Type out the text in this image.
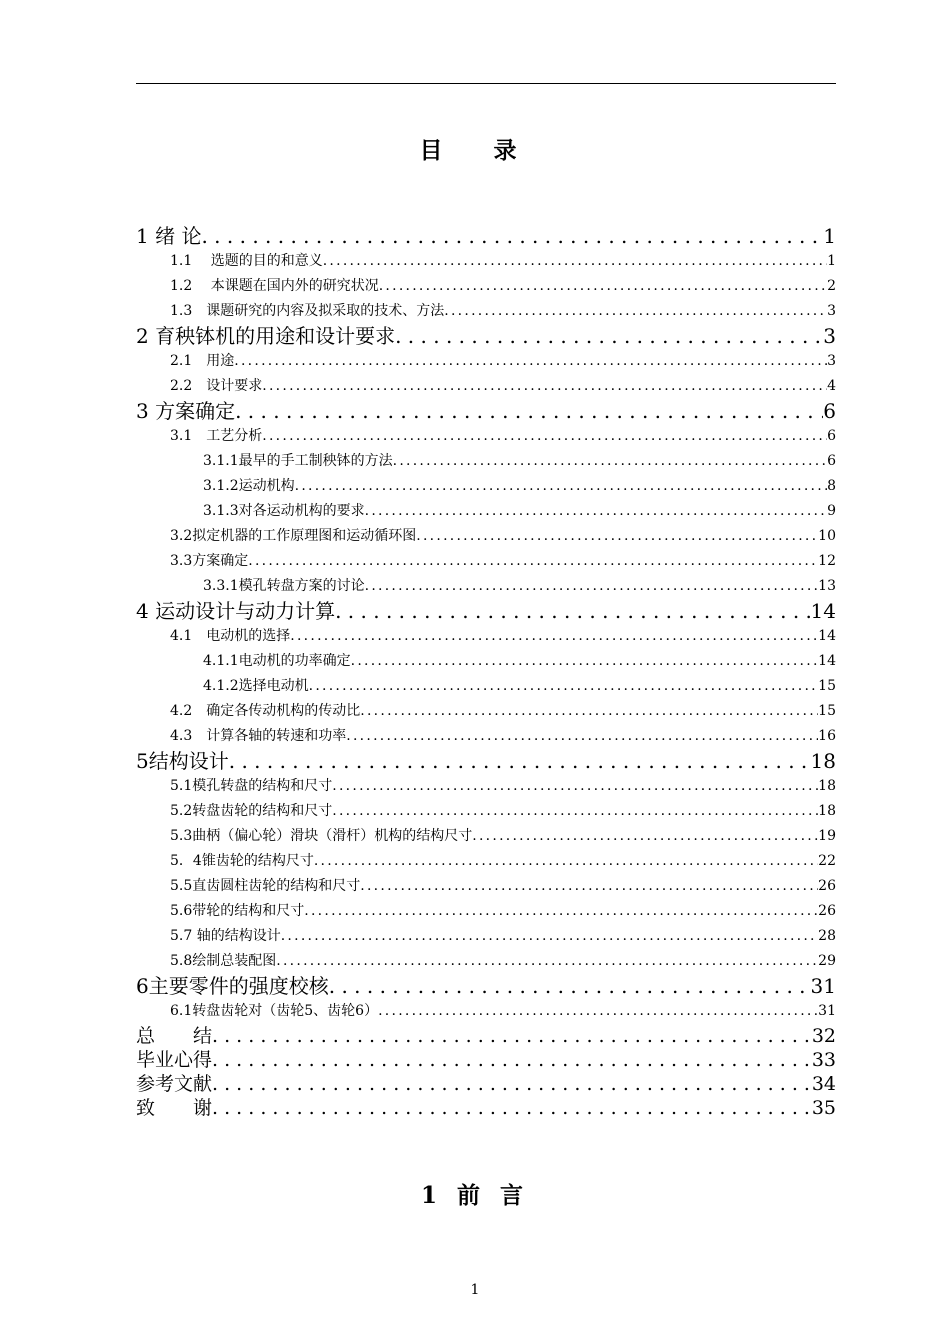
目　录
1 绪 论 . . .	1
1.1　 选题的目的和意义 . . .	1
1.2　 本课题在国内外的研究状况 . . .	2
1.3　课题研究的内容及拟采取的技术、方法 . . .	3
2 育秧钵机的用途和设计要求 . . .	3
2.1　用途 . . .	3
2.2　设计要求 . . .	4
3 方案确定 . . .	6
3.1　工艺分析 . . .	6
3.1.1最早的手工制秧钵的方法 . . .	6
3.1.2运动机构 . . .	8
3.1.3对各运动机构的要求 . . .	9
3.2拟定机器的工作原理图和运动循环图 . . .	10
3.3方案确定 . . .	12
3.3.1模孔转盘方案的讨论 . . .	13
4 运动设计与动力计算 . . .	14
4.1　电动机的选择 . . .	14
4.1.1电动机的功率确定 . . .	14
4.1.2选择电动机 . . .	15
4.2　确定各传动机构的传动比 . . .	15
4.3　计算各轴的转速和功率 . . .	16
5结构设计 . . .	18
5.1模孔转盘的结构和尺寸 . . .	18
5.2转盘齿轮的结构和尺寸 . . .	18
5.3曲柄（偏心轮）滑块（滑杆）机构的结构尺寸 . . .	19
5．4锥齿轮的结构尺寸 . . .	22
5.5直齿圆柱齿轮的结构和尺寸 . . .	26
5.6带轮的结构和尺寸 . . .	26
5.7 轴的结构设计 . . .	28
5.8绘制总装配图 . . .	29
6主要零件的强度校核 . . .	31
6.1转盘齿轮对（齿轮5、齿轮6） . . .	31
总　　结 . . .	32
毕业心得 . . .	33
参考文献 . . .	34
致　　谢 . . .	35
1 前 言
1
